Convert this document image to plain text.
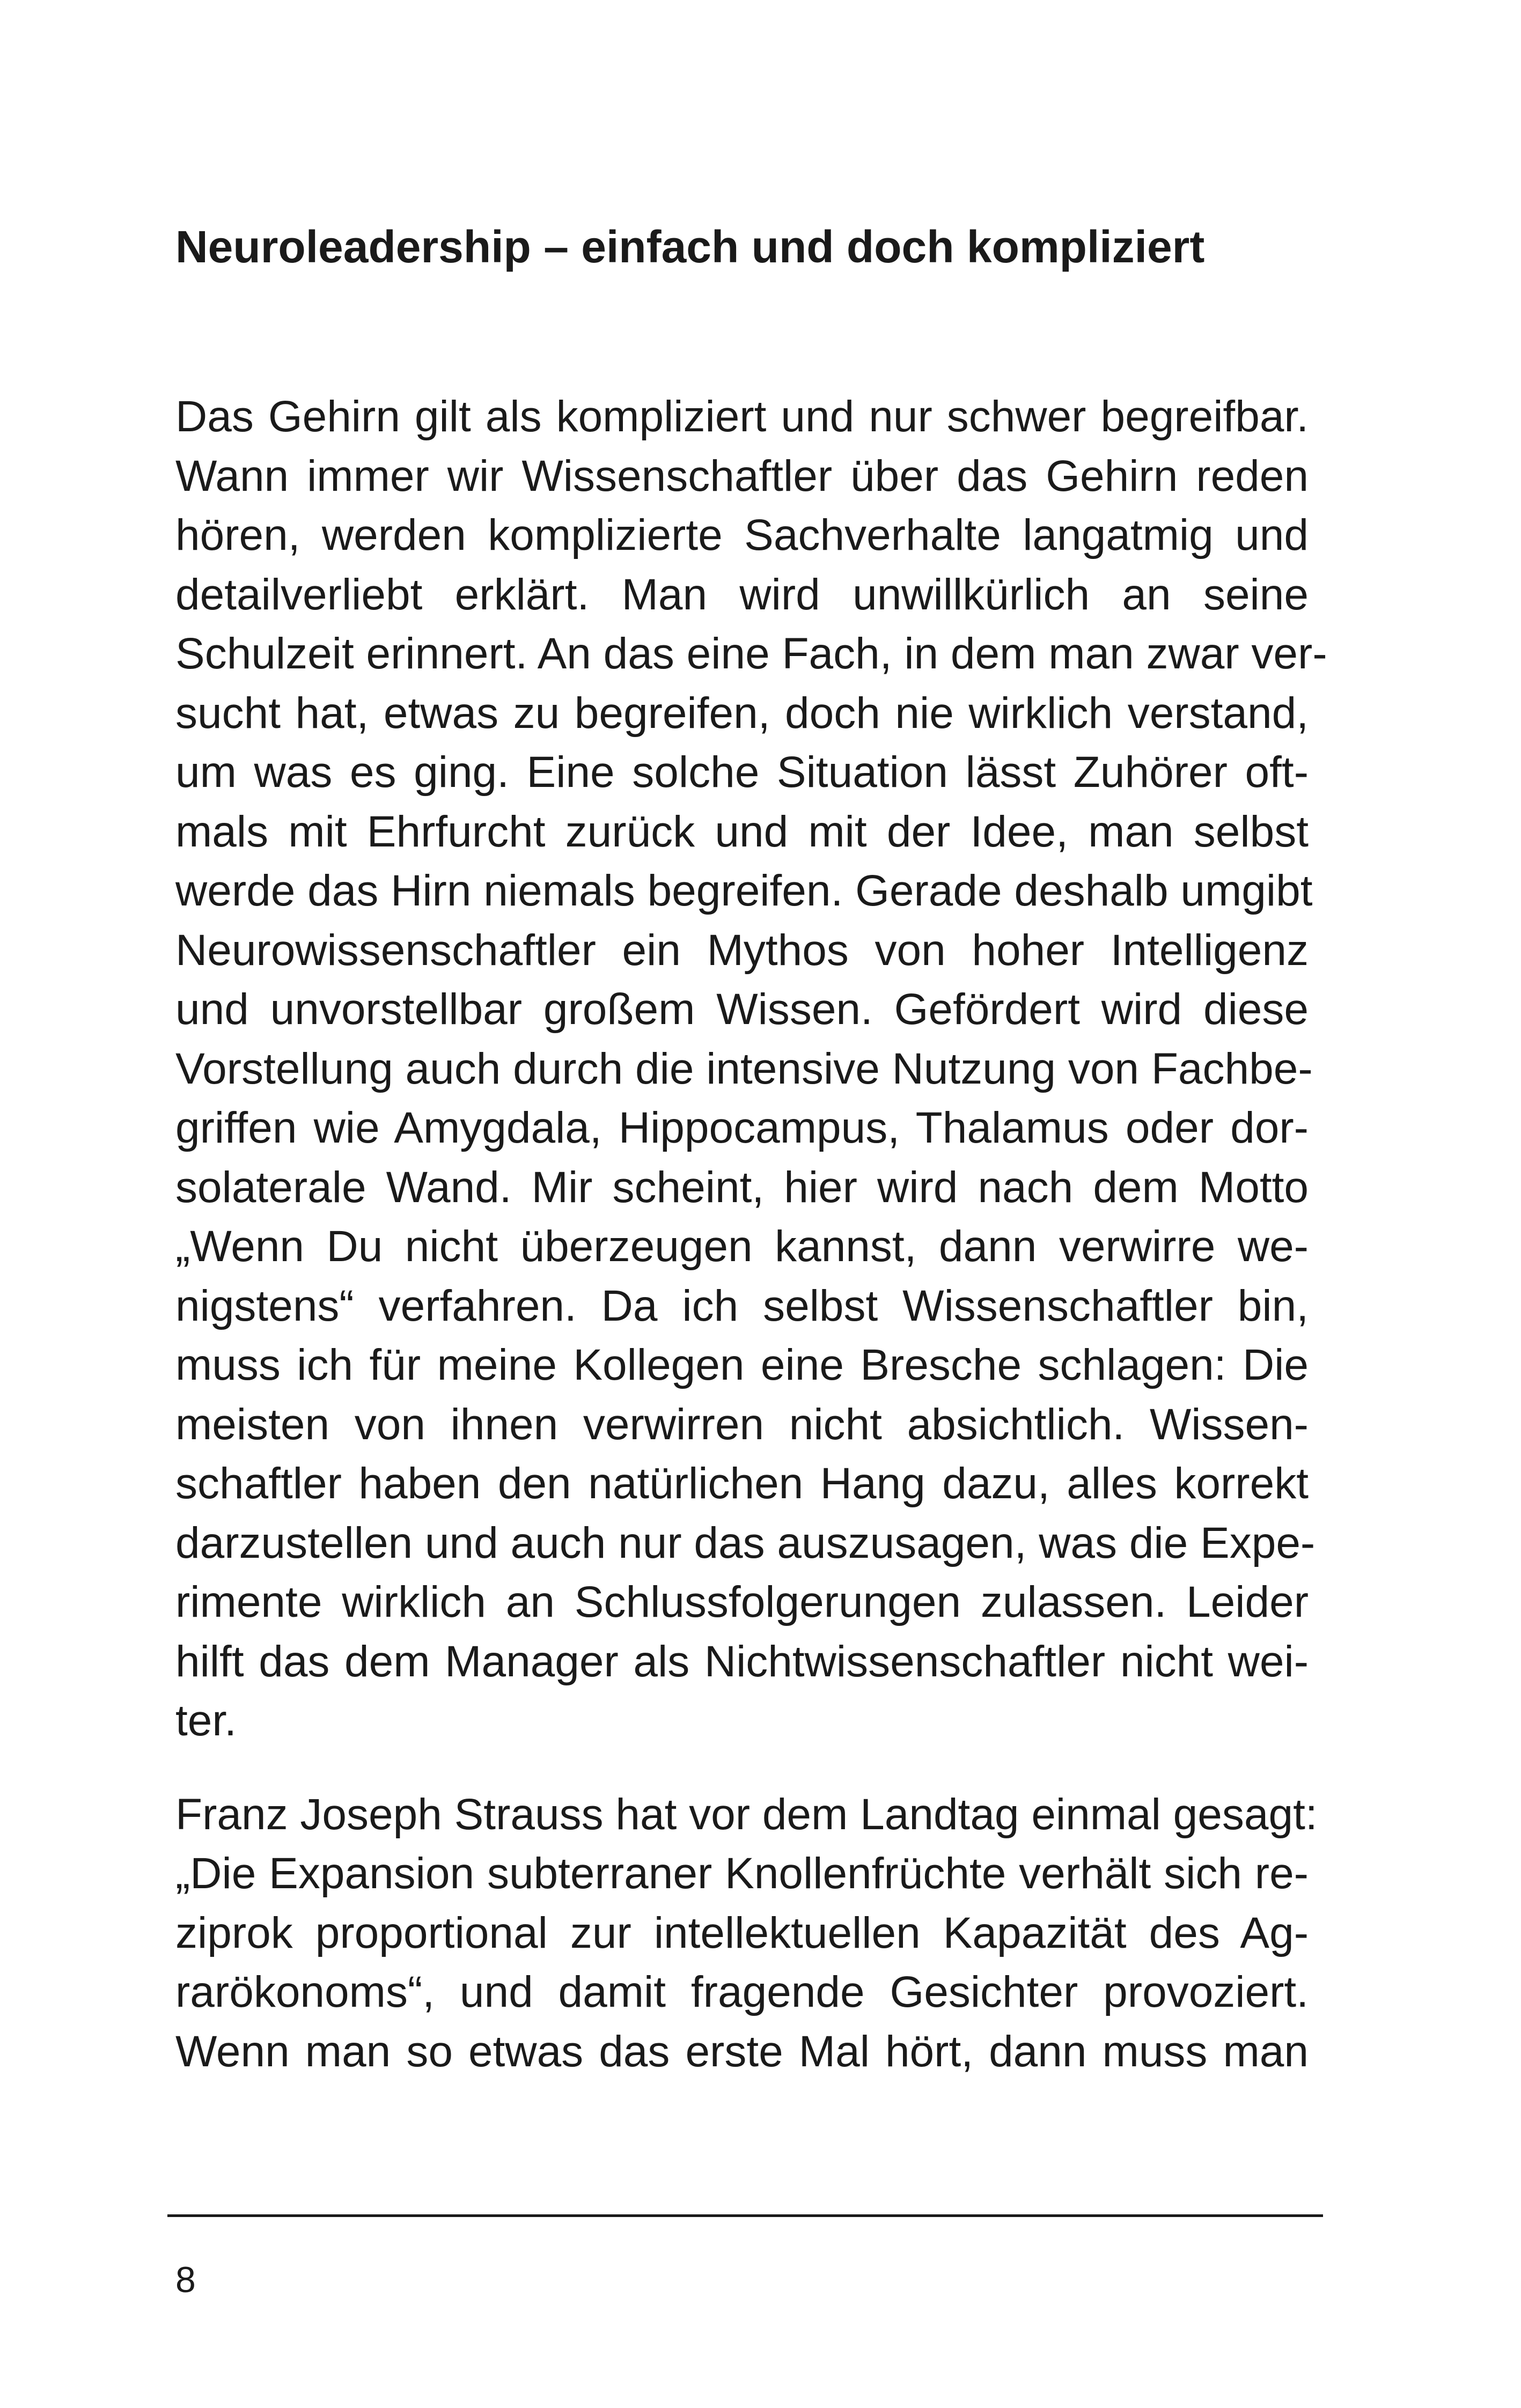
Neuroleadership – einfach und doch kompliziert

Das Gehirn gilt als kompliziert und nur schwer begreifbar.
Wann immer wir Wissenschaftler über das Gehirn reden
hören, werden komplizierte Sachverhalte langatmig und
detailverliebt erklärt. Man wird unwillkürlich an seine
Schulzeit erinnert. An das eine Fach, in dem man zwar ver-
sucht hat, etwas zu begreifen, doch nie wirklich verstand,
um was es ging. Eine solche Situation lässt Zuhörer oft-
mals mit Ehrfurcht zurück und mit der Idee, man selbst
werde das Hirn niemals begreifen. Gerade deshalb umgibt
Neurowissenschaftler ein Mythos von hoher Intelligenz
und unvorstellbar großem Wissen. Gefördert wird diese
Vorstellung auch durch die intensive Nutzung von Fachbe-
griffen wie Amygdala, Hippocampus, Thalamus oder dor-
solaterale Wand. Mir scheint, hier wird nach dem Motto
„Wenn Du nicht überzeugen kannst, dann verwirre we-
nigstens“ verfahren. Da ich selbst Wissenschaftler bin,
muss ich für meine Kollegen eine Bresche schlagen: Die
meisten von ihnen verwirren nicht absichtlich. Wissen-
schaftler haben den natürlichen Hang dazu, alles korrekt
darzustellen und auch nur das auszusagen, was die Expe-
rimente wirklich an Schlussfolgerungen zulassen. Leider
hilft das dem Manager als Nichtwissenschaftler nicht wei-
ter.

Franz Joseph Strauss hat vor dem Landtag einmal gesagt:
„Die Expansion subterraner Knollenfrüchte verhält sich re-
ziprok proportional zur intellektuellen Kapazität des Ag-
rarökonoms“, und damit fragende Gesichter provoziert.
Wenn man so etwas das erste Mal hört, dann muss man

8
